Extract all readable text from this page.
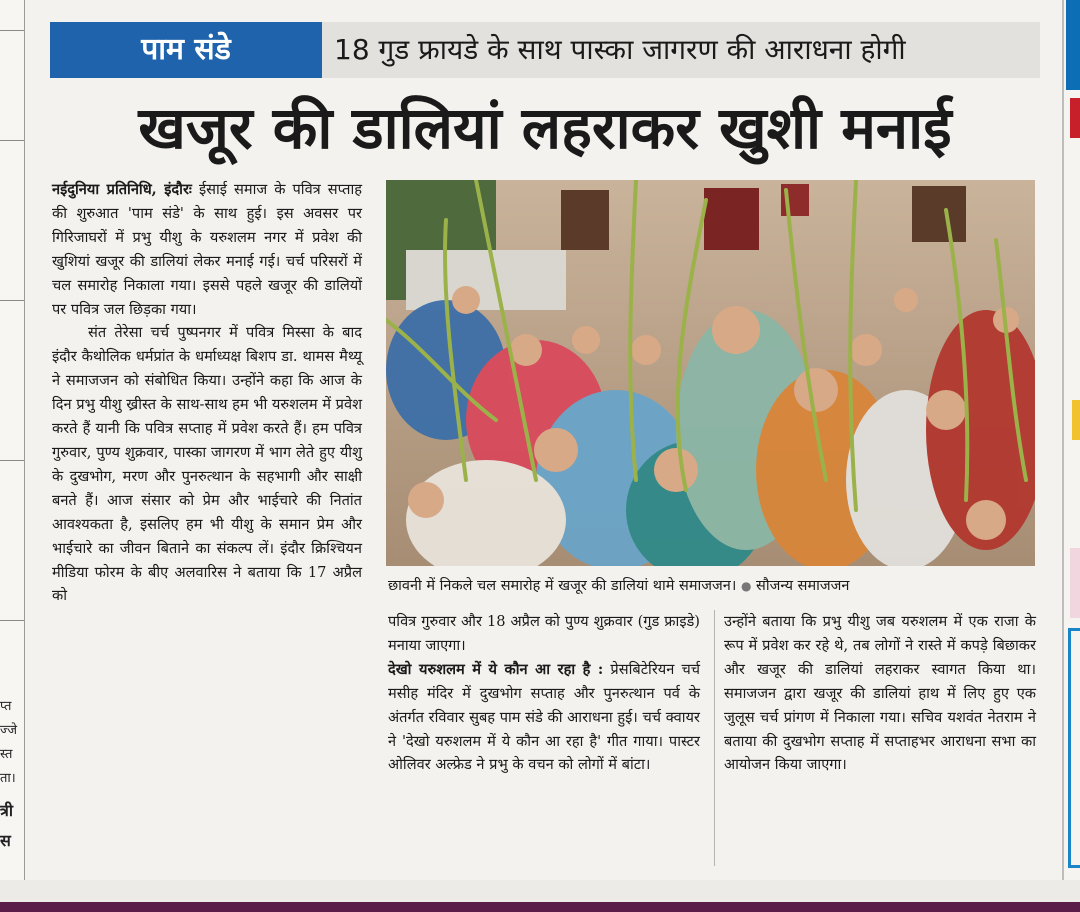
प्त
ज्जे
स्त
ता।
त्री
स
पाम संडे	18 गुड फ्रायडे के साथ पास्का जागरण की आराधना होगी
खजूर की डालियां लहराकर खुशी मनाई

नईदुनिया प्रतिनिधि, इंदौरः ईसाई समाज के पवित्र सप्ताह की शुरुआत 'पाम संडे' के साथ हुई। इस अवसर पर गिरिजाघरों में प्रभु यीशु के यरुशलम नगर में प्रवेश की खुशियां खजूर की डालियां लेकर मनाई गई। चर्च परिसरों में चल समारोह निकाला गया। इससे पहले खजूर की डालियों पर पवित्र जल छिड़का गया।

संत तेरेसा चर्च पुष्पनगर में पवित्र मिस्सा के बाद इंदौर कैथोलिक धर्मप्रांत के धर्माध्यक्ष बिशप डा. थामस मैथ्यू ने समाजजन को संबोधित किया। उन्होंने कहा कि आज के दिन प्रभु यीशु ख्रीस्त के साथ-साथ हम भी यरुशलम में प्रवेश करते हैं यानी कि पवित्र सप्ताह में प्रवेश करते हैं। हम पवित्र गुरुवार, पुण्य शुक्रवार, पास्का जागरण में भाग लेते हुए यीशु के दुखभोग, मरण और पुनरुत्थान के सहभागी और साक्षी बनते हैं। आज संसार को प्रेम और भाईचारे की नितांत आवश्यकता है, इसलिए हम भी यीशु के समान प्रेम और भाईचारे का जीवन बिताने का संकल्प लें। इंदौर क्रिश्चियन मीडिया फोरम के बीए अलवारिस ने बताया कि 17 अप्रैल को

छावनी में निकले चल समारोह में खजूर की डालियां थामे समाजजन। ● सौजन्य समाजजन

पवित्र गुरुवार और 18 अप्रैल को पुण्य शुक्रवार (गुड फ्राइडे) मनाया जाएगा।

देखो यरुशलम में ये कौन आ रहा है : प्रेसबिटेरियन चर्च मसीह मंदिर में दुखभोग सप्ताह और पुनरुत्थान पर्व के अंतर्गत रविवार सुबह पाम संडे की आराधना हुई। चर्च क्वायर ने 'देखो यरुशलम में ये कौन आ रहा है' गीत गाया। पास्टर ओलिवर अल्फ्रेड ने प्रभु के वचन को लोगों में बांटा।

उन्होंने बताया कि प्रभु यीशु जब यरुशलम में एक राजा के रूप में प्रवेश कर रहे थे, तब लोगों ने रास्ते में कपड़े बिछाकर और खजूर की डालियां लहराकर स्वागत किया था। समाजजन द्वारा खजूर की डालियां हाथ में लिए हुए एक जुलूस चर्च प्रांगण में निकाला गया। सचिव यशवंत नेतराम ने बताया की दुखभोग सप्ताह में सप्ताहभर आराधना सभा का आयोजन किया जाएगा।
